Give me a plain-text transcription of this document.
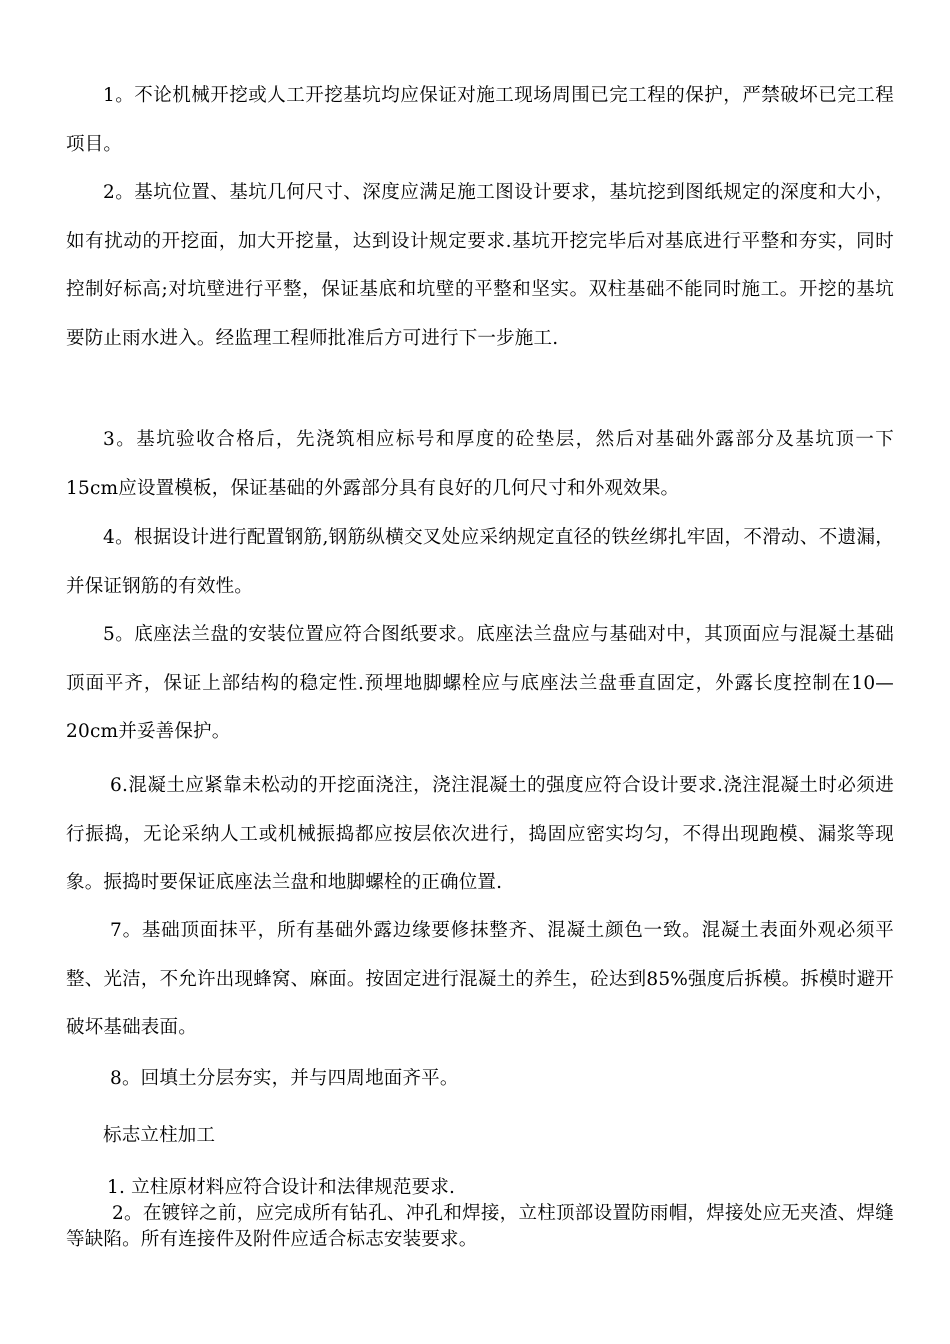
1。不论机械开挖或人工开挖基坑均应保证对施工现场周围已完工程的保护，严禁破坏已完工程项目。

2。基坑位置、基坑几何尺寸、深度应满足施工图设计要求，基坑挖到图纸规定的深度和大小，如有扰动的开挖面，加大开挖量，达到设计规定要求.基坑开挖完毕后对基底进行平整和夯实，同时控制好标高;对坑壁进行平整，保证基底和坑壁的平整和坚实。双柱基础不能同时施工。开挖的基坑要防止雨水进入。经监理工程师批准后方可进行下一步施工.

3。基坑验收合格后，先浇筑相应标号和厚度的砼垫层，然后对基础外露部分及基坑顶一下15cm应设置模板，保证基础的外露部分具有良好的几何尺寸和外观效果。

4。根据设计进行配置钢筋,钢筋纵横交叉处应采纳规定直径的铁丝绑扎牢固，不滑动、不遗漏，并保证钢筋的有效性。

5。底座法兰盘的安装位置应符合图纸要求。底座法兰盘应与基础对中，其顶面应与混凝土基础顶面平齐，保证上部结构的稳定性.预埋地脚螺栓应与底座法兰盘垂直固定，外露长度控制在10—20cm并妥善保护。

6.混凝土应紧靠未松动的开挖面浇注，浇注混凝土的强度应符合设计要求.浇注混凝土时必须进行振捣，无论采纳人工或机械振捣都应按层依次进行，捣固应密实均匀，不得出现跑模、漏浆等现象。振捣时要保证底座法兰盘和地脚螺栓的正确位置.

7。基础顶面抹平，所有基础外露边缘要修抹整齐、混凝土颜色一致。混凝土表面外观必须平整、光洁，不允许出现蜂窝、麻面。按固定进行混凝土的养生，砼达到85%强度后拆模。拆模时避开破坏基础表面。

8。回填土分层夯实，并与四周地面齐平。

标志立柱加工

1. 立柱原材料应符合设计和法律规范要求.

2。在镀锌之前，应完成所有钻孔、冲孔和焊接，立柱顶部设置防雨帽，焊接处应无夹渣、焊缝等缺陷。所有连接件及附件应适合标志安装要求。
